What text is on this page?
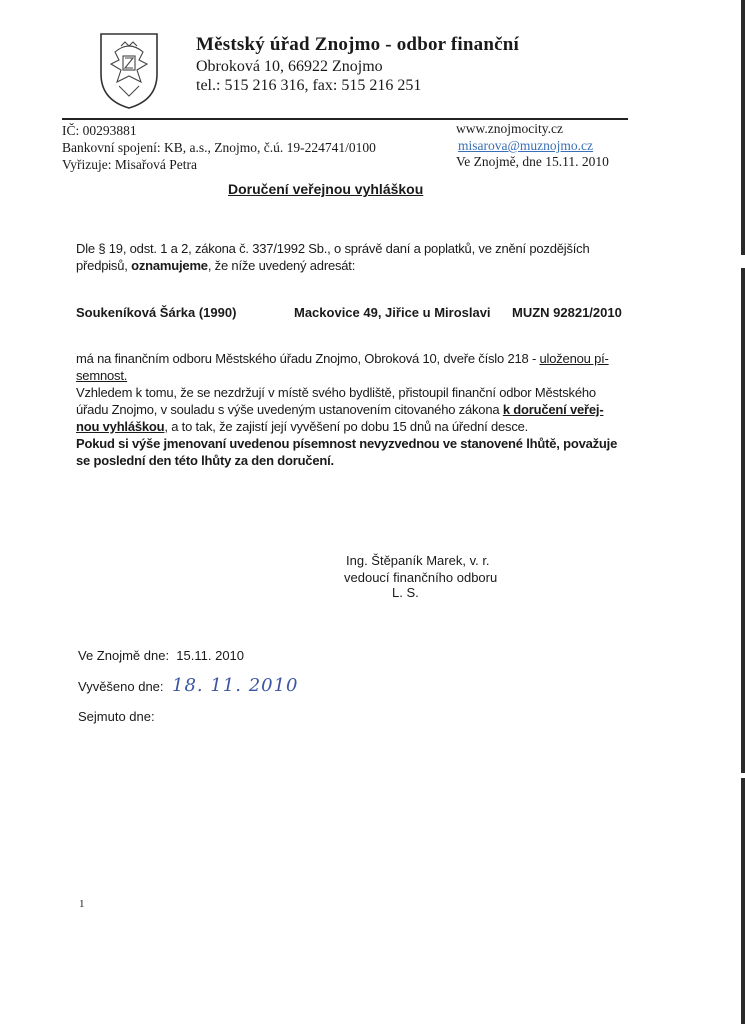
Městský úřad Znojmo - odbor finanční
Obroková 10, 66922 Znojmo
tel.: 515 216 316, fax: 515 216 251
IČ: 00293881
Bankovní spojení: KB, a.s., Znojmo, č.ú. 19-224741/0100
Vyřizuje: Misařová Petra
www.znojmocity.cz
misarova@muznojmo.cz
Ve Znojmě, dne 15.11. 2010
Doručení veřejnou vyhláškou
Dle § 19, odst. 1 a 2, zákona č. 337/1992 Sb., o správě daní a poplatků, ve znění pozdějších
předpisů, oznamujeme, že níže uvedený adresát:
Soukeníková Šárka (1990)	Mackovice 49, Jiřice u Miroslavi MUZN 92821/2010
má na finančním odboru Městského úřadu Znojmo, Obroková 10, dveře číslo 218 - uloženou pí-
semnost.
Vzhledem k tomu, že se nezdržují v místě svého bydliště, přistoupil finanční odbor Městského
úřadu Znojmo, v souladu s výše uvedeným ustanovením citovaného zákona k doručení veřej-
nou vyhláškou, a to tak, že zajistí její vyvěšení po dobu 15 dnů na úřední desce.
Pokud si výše jmenovaní uvedenou písemnost nevyzvednou ve stanovené lhůtě, považuje
se poslední den této lhůty za den doručení.
Ing. Štěpaník Marek, v. r.
vedoucí finančního odboru
L. S.
Ve Znojmě dne: 15.11. 2010
Vyvěšeno dne: 18. 11. 2010
Sejmuto dne:
1
